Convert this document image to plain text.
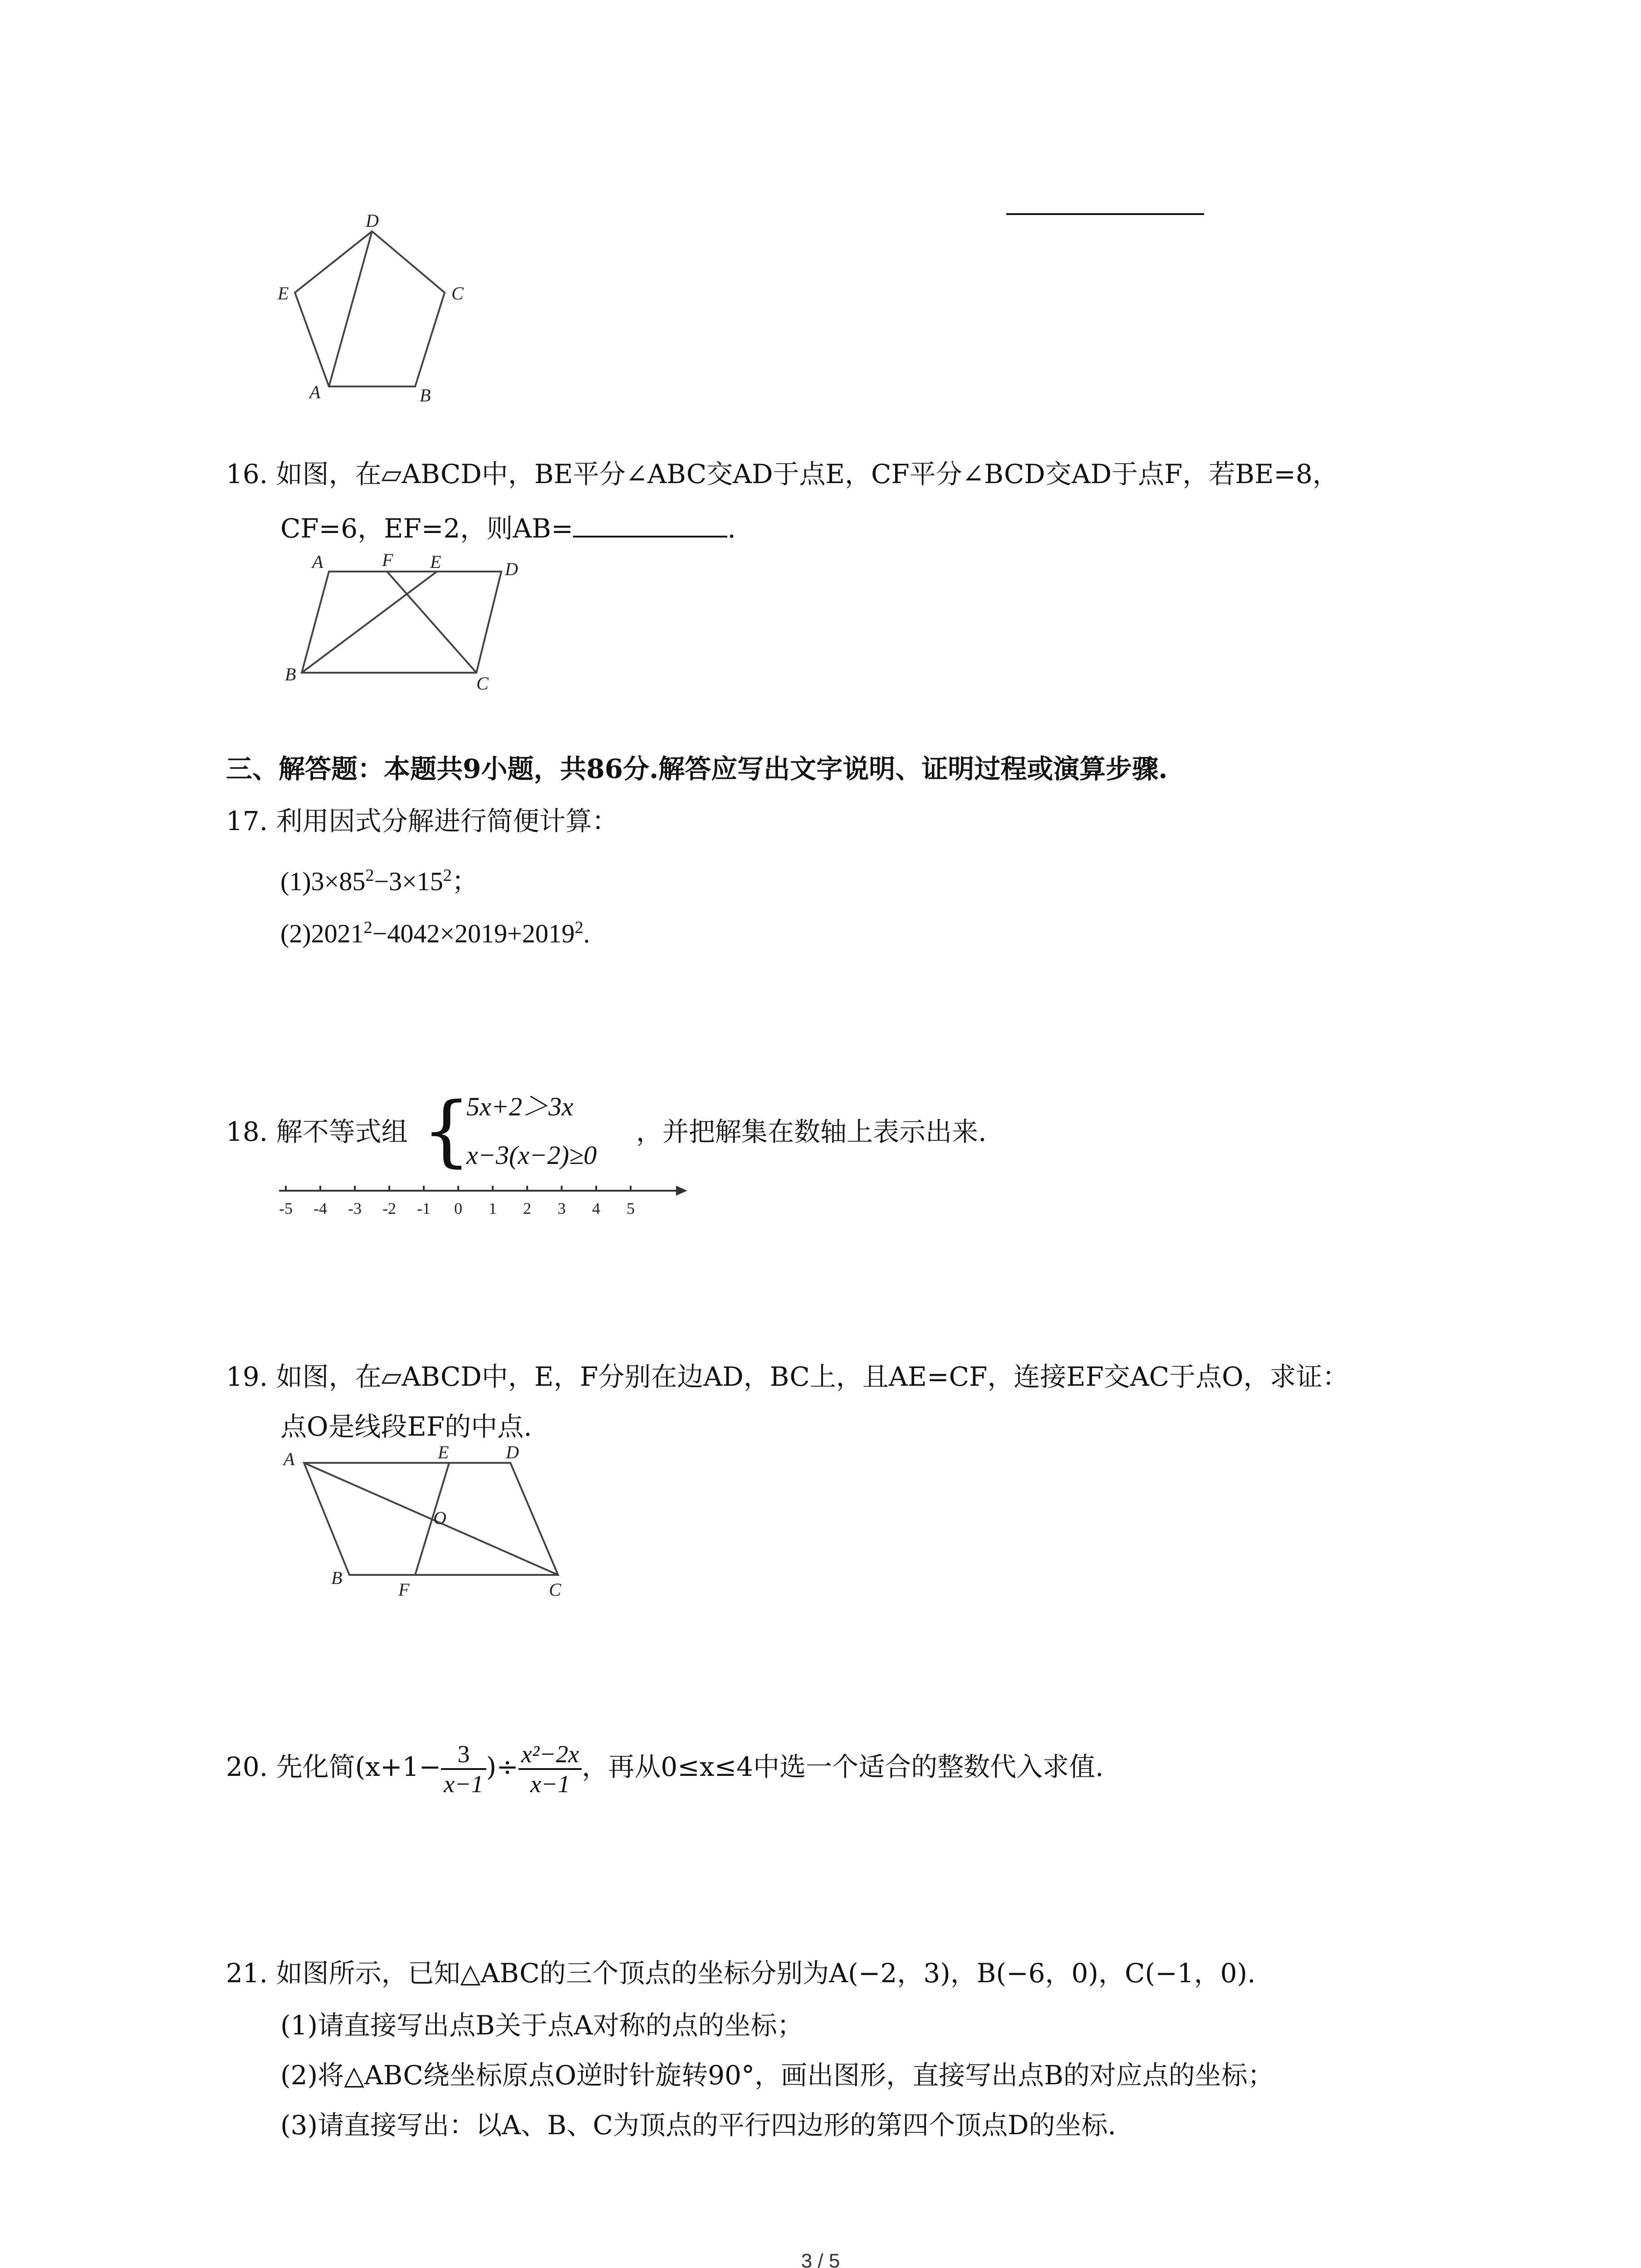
D
E	C
A	B
16. 如图，在▱ABCD中，BE平分∠ABC交AD于点E，CF平分∠BCD交AD于点F，若BE=8，
CF=6，EF=2，则AB=	.
A	F E	D
B	C
三、解答题：本题共9小题，共86分.解答应写出文字说明、证明过程或演算步骤.
17. 利用因式分解进行简便计算：
$(1)3\times 85^2-3\times 15^2$；
$(2)2021^2-4042\times 2019+2019^2$.
18. 解不等式组 {
5x+2＞3x
x−3(x−2)≥0
，并把解集在数轴上表示出来.
-5 -4 -3 -2 -1 0 1 2 3 4 5
19. 如图，在▱ABCD中，E，F分别在边AD，BC上，且AE=CF，连接EF交AC于点O，求证：
点O是线段EF的中点.
A	E	D
O
B
F	C
20. 先化简($x+1- \frac{3}{x-1}$ )÷ $\frac{\text{x²−2x}}{x-1}$ ，再从0≤x≤4中选一个适合的整数代入求值.
21. 如图所示，已知△ABC的三个顶点的坐标分别为A(−2，3)，B(−6，0)，C(−1，0).
(1)请直接写出点B关于点A对称的点的坐标；
(2)将△ABC绕坐标原点O逆时针旋转90°，画出图形，直接写出点B的对应点的坐标；
(3)请直接写出：以A、B、C为顶点的平行四边形的第四个顶点D的坐标.
3 / 5
